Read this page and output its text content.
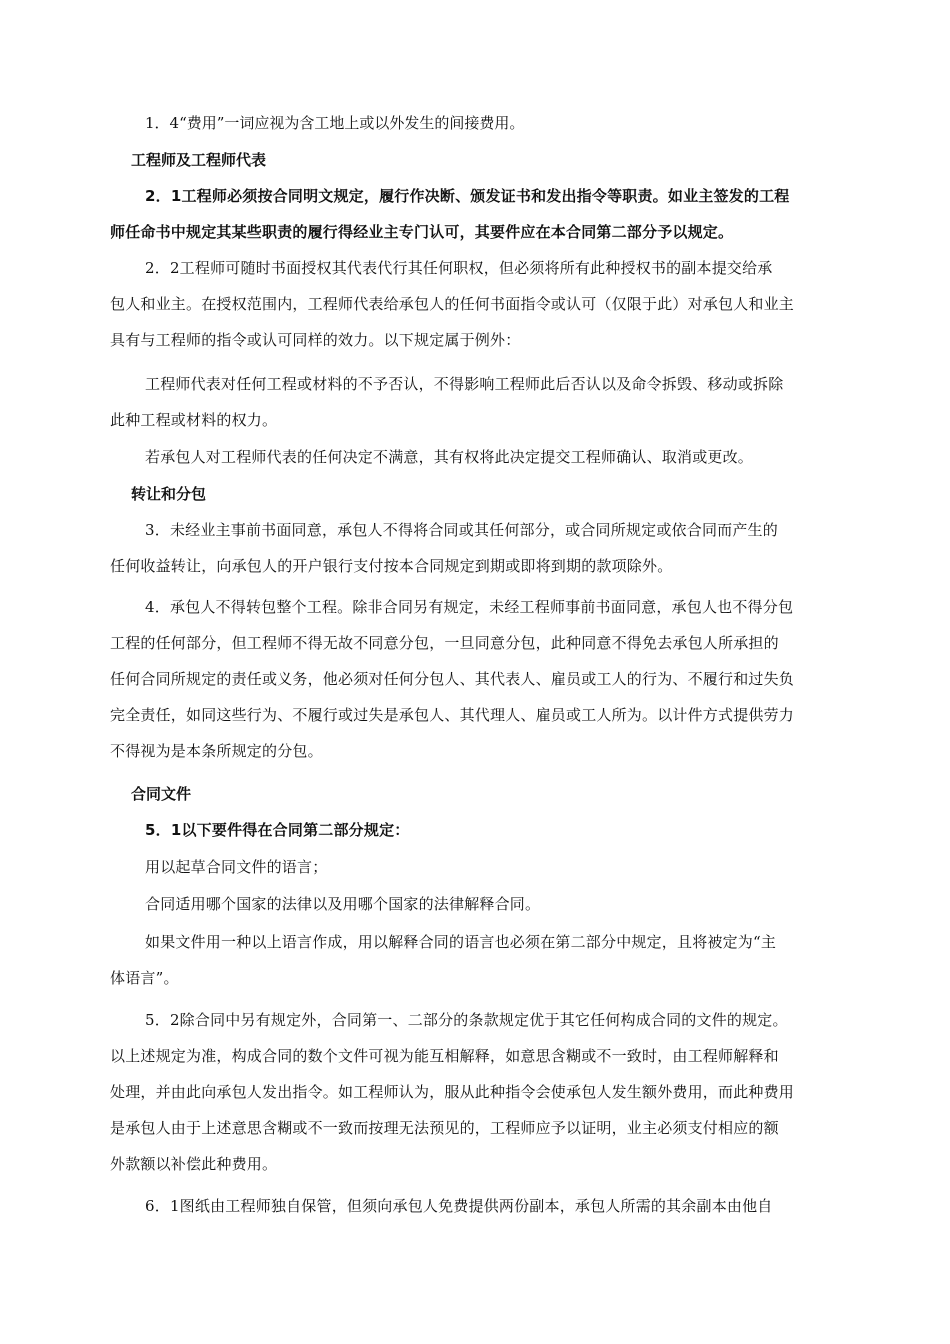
1．4“费用”一词应视为含工地上或以外发生的间接费用。
工程师及工程师代表
2．1工程师必须按合同明文规定，履行作决断、颁发证书和发出指令等职责。如业主签发的工程
师任命书中规定其某些职责的履行得经业主专门认可，其要件应在本合同第二部分予以规定。
2．2工程师可随时书面授权其代表代行其任何职权，但必须将所有此种授权书的副本提交给承
包人和业主。在授权范围内，工程师代表给承包人的任何书面指令或认可（仅限于此）对承包人和业主
具有与工程师的指令或认可同样的效力。以下规定属于例外：
工程师代表对任何工程或材料的不予否认，不得影响工程师此后否认以及命令拆毁、移动或拆除
此种工程或材料的权力。
若承包人对工程师代表的任何决定不满意，其有权将此决定提交工程师确认、取消或更改。
转让和分包
3．未经业主事前书面同意，承包人不得将合同或其任何部分，或合同所规定或依合同而产生的
任何收益转让，向承包人的开户银行支付按本合同规定到期或即将到期的款项除外。
4．承包人不得转包整个工程。除非合同另有规定，未经工程师事前书面同意，承包人也不得分包
工程的任何部分，但工程师不得无故不同意分包，一旦同意分包，此种同意不得免去承包人所承担的
任何合同所规定的责任或义务，他必须对任何分包人、其代表人、雇员或工人的行为、不履行和过失负
完全责任，如同这些行为、不履行或过失是承包人、其代理人、雇员或工人所为。以计件方式提供劳力
不得视为是本条所规定的分包。
合同文件
5．1以下要件得在合同第二部分规定：
用以起草合同文件的语言；
合同适用哪个国家的法律以及用哪个国家的法律解释合同。
如果文件用一种以上语言作成，用以解释合同的语言也必须在第二部分中规定，且将被定为“主
体语言”。
5．2除合同中另有规定外，合同第一、二部分的条款规定优于其它任何构成合同的文件的规定。
以上述规定为准，构成合同的数个文件可视为能互相解释，如意思含糊或不一致时，由工程师解释和
处理，并由此向承包人发出指令。如工程师认为，服从此种指令会使承包人发生额外费用，而此种费用
是承包人由于上述意思含糊或不一致而按理无法预见的，工程师应予以证明，业主必须支付相应的额
外款额以补偿此种费用。
6．1图纸由工程师独自保管，但须向承包人免费提供两份副本，承包人所需的其余副本由他自
